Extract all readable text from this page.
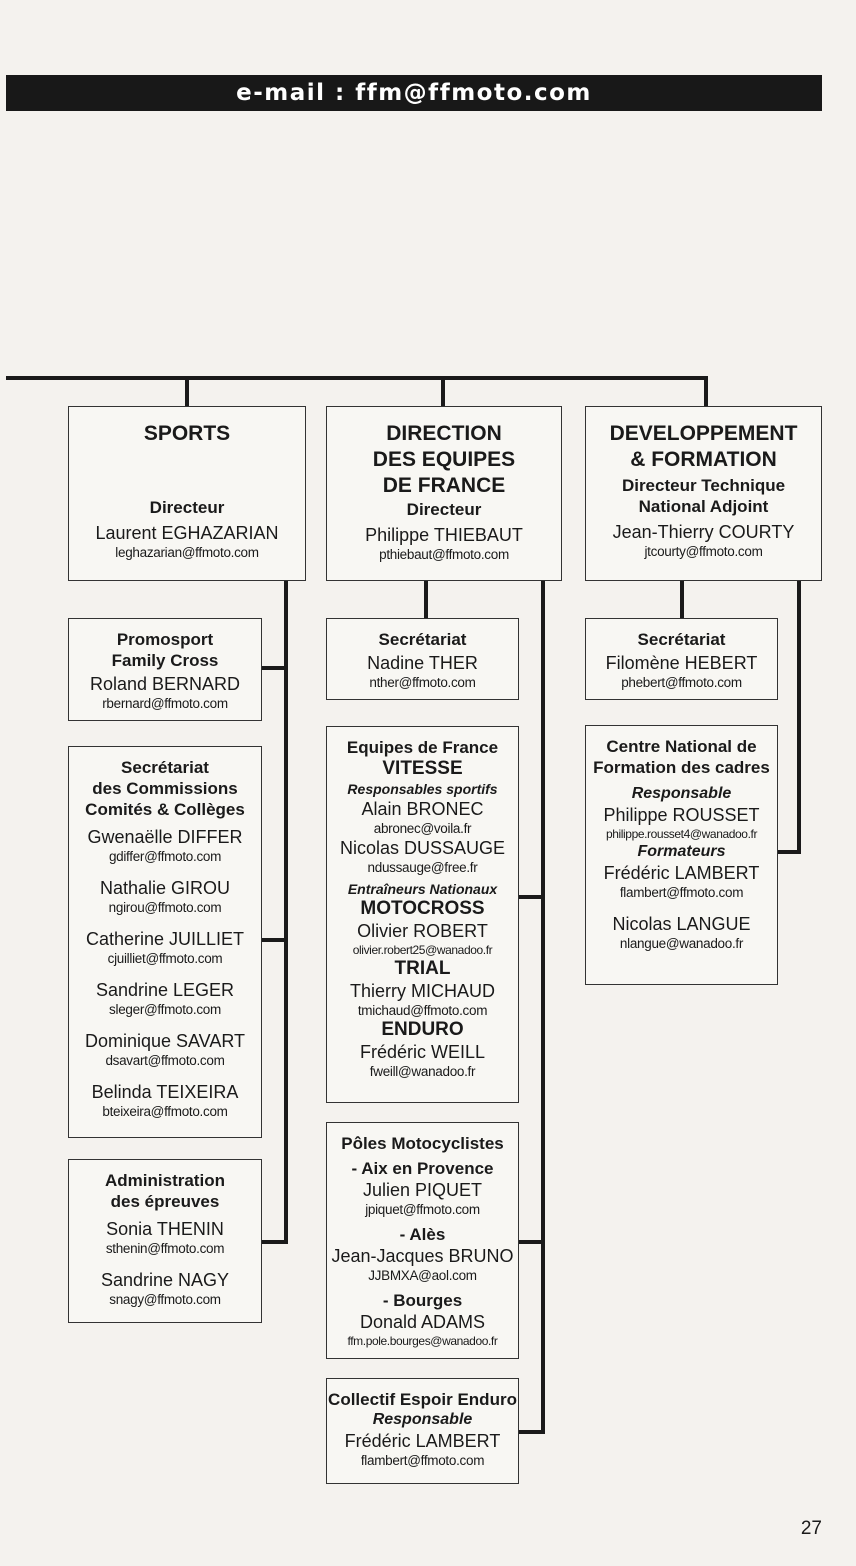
e-mail : ffm@ffmoto.com
SPORTS
Directeur
Laurent EGHAZARIAN
leghazarian@ffmoto.com
DIRECTION
DES EQUIPES
DE FRANCE
Directeur
Philippe THIEBAUT
pthiebaut@ffmoto.com
DEVELOPPEMENT
& FORMATION
Directeur Technique
National Adjoint
Jean-Thierry COURTY
jtcourty@ffmoto.com
Promosport
Family Cross
Roland BERNARD
rbernard@ffmoto.com
Secrétariat
des Commissions
Comités & Collèges
Gwenaëlle DIFFER
gdiffer@ffmoto.com
Nathalie GIROU
ngirou@ffmoto.com
Catherine JUILLIET
cjuilliet@ffmoto.com
Sandrine LEGER
sleger@ffmoto.com
Dominique SAVART
dsavart@ffmoto.com
Belinda TEIXEIRA
bteixeira@ffmoto.com
Administration
des épreuves
Sonia THENIN
sthenin@ffmoto.com
Sandrine NAGY
snagy@ffmoto.com
Secrétariat
Nadine THER
nther@ffmoto.com
Equipes de France
VITESSE
Responsables sportifs
Alain BRONEC
abronec@voila.fr
Nicolas DUSSAUGE
ndussauge@free.fr
Entraîneurs Nationaux
MOTOCROSS
Olivier ROBERT
olivier.robert25@wanadoo.fr
TRIAL
Thierry MICHAUD
tmichaud@ffmoto.com
ENDURO
Frédéric WEILL
fweill@wanadoo.fr
Pôles Motocyclistes
- Aix en Provence
Julien PIQUET
jpiquet@ffmoto.com
- Alès
Jean-Jacques BRUNO
JJBMXA@aol.com
- Bourges
Donald ADAMS
ffm.pole.bourges@wanadoo.fr
Collectif Espoir Enduro
Responsable
Frédéric LAMBERT
flambert@ffmoto.com
Secrétariat
Filomène HEBERT
phebert@ffmoto.com
Centre National de
Formation des cadres
Responsable
Philippe ROUSSET
philippe.rousset4@wanadoo.fr
Formateurs
Frédéric LAMBERT
flambert@ffmoto.com
Nicolas LANGUE
nlangue@wanadoo.fr
27
